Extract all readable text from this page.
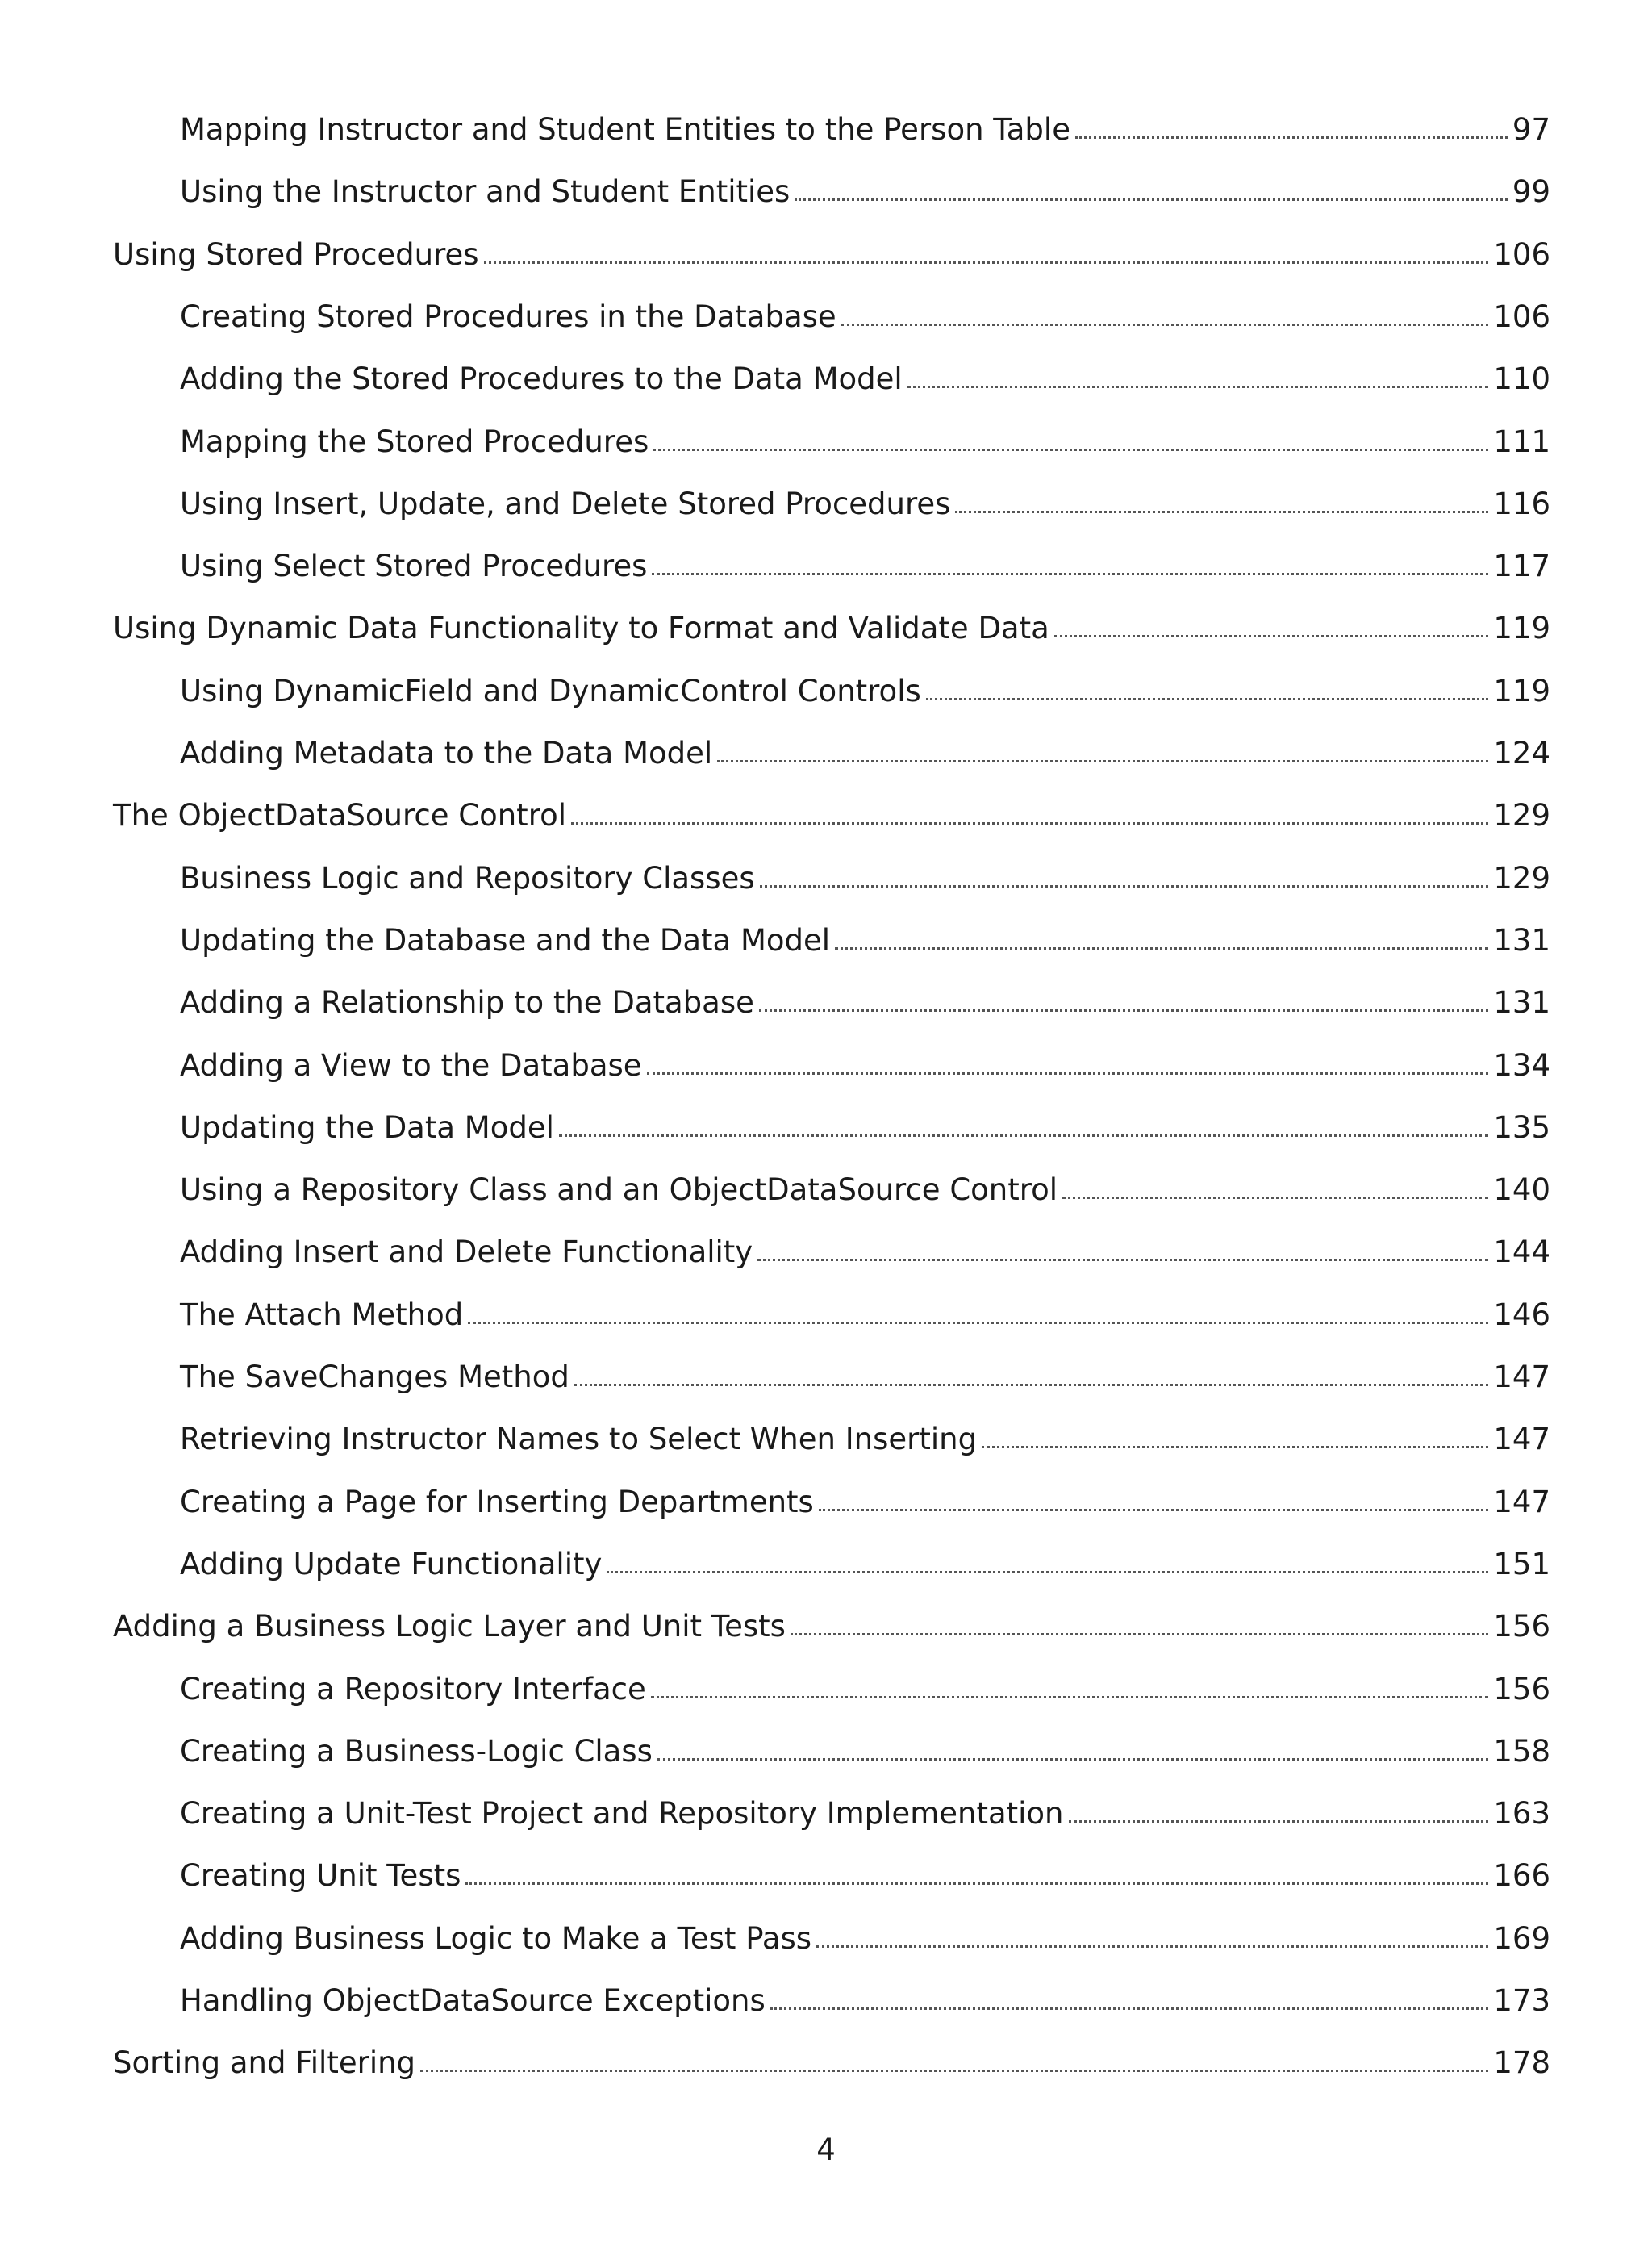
Mapping Instructor and Student Entities to the Person Table	97
Using the Instructor and Student Entities	99
Using Stored Procedures	106
Creating Stored Procedures in the Database	106
Adding the Stored Procedures to the Data Model	110
Mapping the Stored Procedures	111
Using Insert, Update, and Delete Stored Procedures	116
Using Select Stored Procedures	117
Using Dynamic Data Functionality to Format and Validate Data	119
Using DynamicField and DynamicControl Controls	119
Adding Metadata to the Data Model	124
The ObjectDataSource Control	129
Business Logic and Repository Classes	129
Updating the Database and the Data Model	131
Adding a Relationship to the Database	131
Adding a View to the Database	134
Updating the Data Model	135
Using a Repository Class and an ObjectDataSource Control	140
Adding Insert and Delete Functionality	144
The Attach Method	146
The SaveChanges Method	147
Retrieving Instructor Names to Select When Inserting	147
Creating a Page for Inserting Departments	147
Adding Update Functionality	151
Adding a Business Logic Layer and Unit Tests	156
Creating a Repository Interface	156
Creating a Business-Logic Class	158
Creating a Unit-Test Project and Repository Implementation	163
Creating Unit Tests	166
Adding Business Logic to Make a Test Pass	169
Handling ObjectDataSource Exceptions	173
Sorting and Filtering	178
4
